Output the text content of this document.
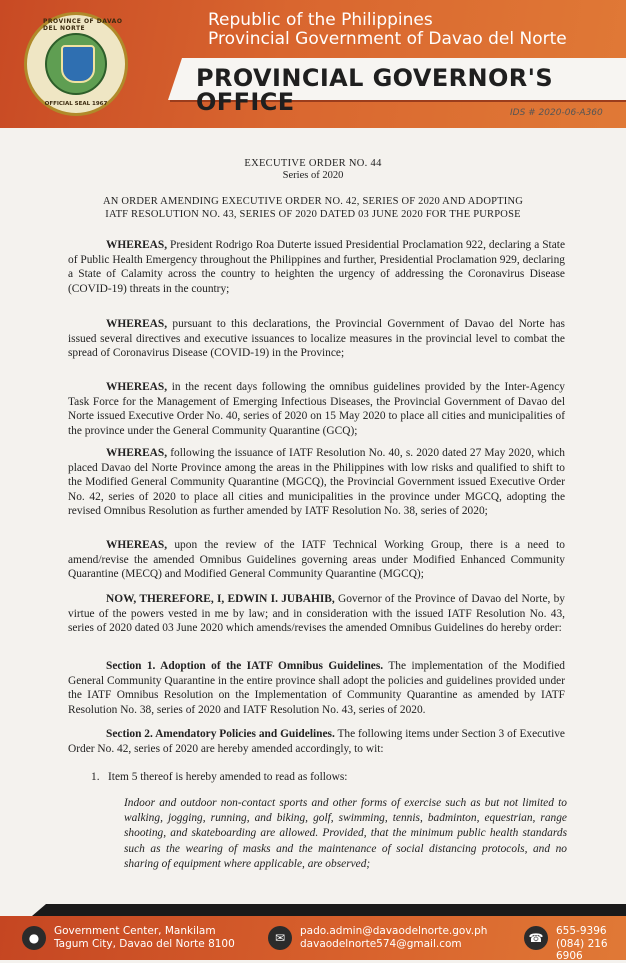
PROVINCE OF DAVAO DEL NORTE
OFFICIAL SEAL 1967
Republic of the Philippines
Provincial Government of Davao del Norte
PROVINCIAL GOVERNOR'S OFFICE	IDS # 2020-06-A360
EXECUTIVE ORDER NO. 44
Series of 2020
AN ORDER AMENDING EXECUTIVE ORDER NO. 42, SERIES OF 2020 AND ADOPTING
IATF RESOLUTION NO. 43, SERIES OF 2020 DATED 03 JUNE 2020 FOR THE PURPOSE

WHEREAS, President Rodrigo Roa Duterte issued Presidential Proclamation 922, declaring a State of Public Health Emergency throughout the Philippines and further, Presidential Proclamation 929, declaring a State of Calamity across the country to heighten the urgency of addressing the Coronavirus Disease (COVID-19) threats in the country;

WHEREAS, pursuant to this declarations, the Provincial Government of Davao del Norte has issued several directives and executive issuances to localize measures in the provincial level to combat the spread of Coronavirus Disease (COVID-19) in the Province;

WHEREAS, in the recent days following the omnibus guidelines provided by the Inter-Agency Task Force for the Management of Emerging Infectious Diseases, the Provincial Government of Davao del Norte issued Executive Order No. 40, series of 2020 on 15 May 2020 to place all cities and municipalities of the province under the General Community Quarantine (GCQ);

WHEREAS, following the issuance of IATF Resolution No. 40, s. 2020 dated 27 May 2020, which placed Davao del Norte Province among the areas in the Philippines with low risks and qualified to shift to the Modified General Community Quarantine (MGCQ), the Provincial Government issued Executive Order No. 42, series of 2020 to place all cities and municipalities in the province under MGCQ, adopting the revised Omnibus Resolution as further amended by IATF Resolution No. 38, series of 2020;

WHEREAS, upon the review of the IATF Technical Working Group, there is a need to amend/revise the amended Omnibus Guidelines governing areas under Modified Enhanced Community Quarantine (MECQ) and Modified General Community Quarantine (MGCQ);

NOW, THEREFORE, I, EDWIN I. JUBAHIB, Governor of the Province of Davao del Norte, by virtue of the powers vested in me by law; and in consideration with the issued IATF Resolution No. 43, series of 2020 dated 03 June 2020 which amends/revises the amended Omnibus Guidelines do hereby order:

Section 1. Adoption of the IATF Omnibus Guidelines. The implementation of the Modified General Community Quarantine in the entire province shall adopt the policies and guidelines provided under the IATF Omnibus Resolution on the Implementation of Community Quarantine as amended by IATF Resolution No. 38, series of 2020 and IATF Resolution No. 43, series of 2020.

Section 2. Amendatory Policies and Guidelines. The following items under Section 3 of Executive Order No. 42, series of 2020 are hereby amended accordingly, to wit:

1. Item 5 thereof is hereby amended to read as follows:

Indoor and outdoor non-contact sports and other forms of exercise such as but not limited to walking, jogging, running, and biking, golf, swimming, tennis, badminton, equestrian, range shooting, and skateboarding are allowed. Provided, that the minimum public health standards such as the wearing of masks and the maintenance of social distancing protocols, and no sharing of equipment where applicable, are observed;

●	Government Center, Mankilam
Tagum City, Davao del Norte 8100	✉	pado.admin@davaodelnorte.gov.ph
davaodelnorte574@gmail.com	☎	655-9396
(084) 216 6906
